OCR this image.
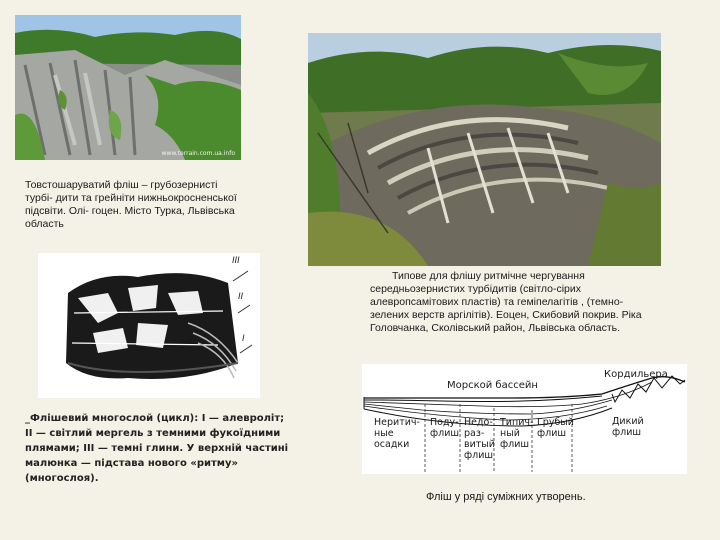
www.terrain.com.ua.info
Товстошаруватий фліш – грубозернисті турбі- дити та грейніти нижньокросненської підсвіти. Олі- гоцен. Місто Турка, Львівська область
III
II
I
Типове для флішу ритмічне чергування середньозернистих турбідитів (світло-сірих алевропсамітових пластів) та геміпелагітів , (темно-зелених верств аргілітів). Еоцен, Скибовий покрив. Ріка Головчанка, Сколівський район, Львівська область.
_Флішевий многослой (цикл): I — алевроліт; II — світлий мергель з темними фукоїдними плямами; III — темні глини. У верхній частині малюнка — підстава нового «ритму» (многослоя).
Морской бассейн
Кордильера
Неритич-
ные
осадки
Поду-
флиш
Недо-
раз-
витый
флиш
Типич-
ный
флиш
Грубый
флиш
Дикий
флиш
Фліш у ряді суміжних утворень.
